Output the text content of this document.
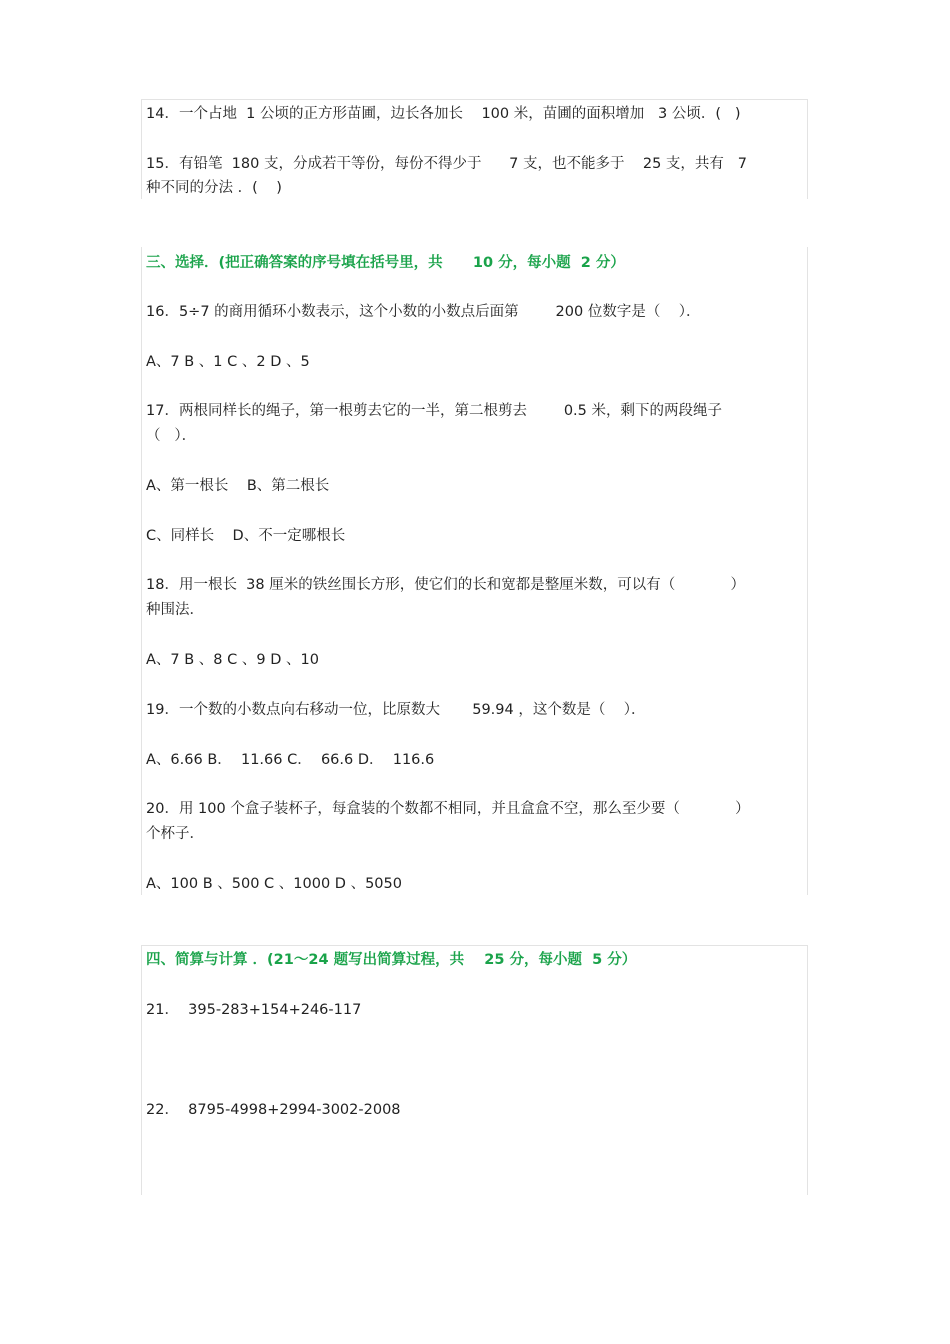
14．一个占地  1 公顷的正方形苗圃，边长各加长    100 米，苗圃的面积增加   3 公顷．(   )
15．有铅笔  180 支，分成若干等份，每份不得少于      7 支，也不能多于    25 支，共有   7
种不同的分法 ．(    )
三、选择．(把正确答案的序号填在括号里，共      10 分，每小题  2 分）
16．5÷7 的商用循环小数表示，这个小数的小数点后面第        200 位数字是（    ）．
A、7 B 、1 C 、2 D 、5
17．两根同样长的绳子，第一根剪去它的一半，第二根剪去        0.5 米，剩下的两段绳子
（   ）．
A、第一根长    B、第二根长
C、同样长    D、不一定哪根长
18．用一根长  38 厘米的铁丝围长方形，使它们的长和宽都是整厘米数，可以有（            ）
种围法．
A、7 B 、8 C 、9 D 、10
19．一个数的小数点向右移动一位，比原数大       59.94 ，这个数是（    ）．
A、6.66 B．  11.66 C．  66.6 D．  116.6
20．用 100 个盒子装杯子，每盒装的个数都不相同，并且盒盒不空，那么至少要（            ）
个杯子．
A、100 B 、500 C 、1000 D 、5050
四、简算与计算 ．(21～24 题写出简算过程，共    25 分，每小题  5 分）
21．  395-283+154+246-117
22．  8795-4998+2994-3002-2008
